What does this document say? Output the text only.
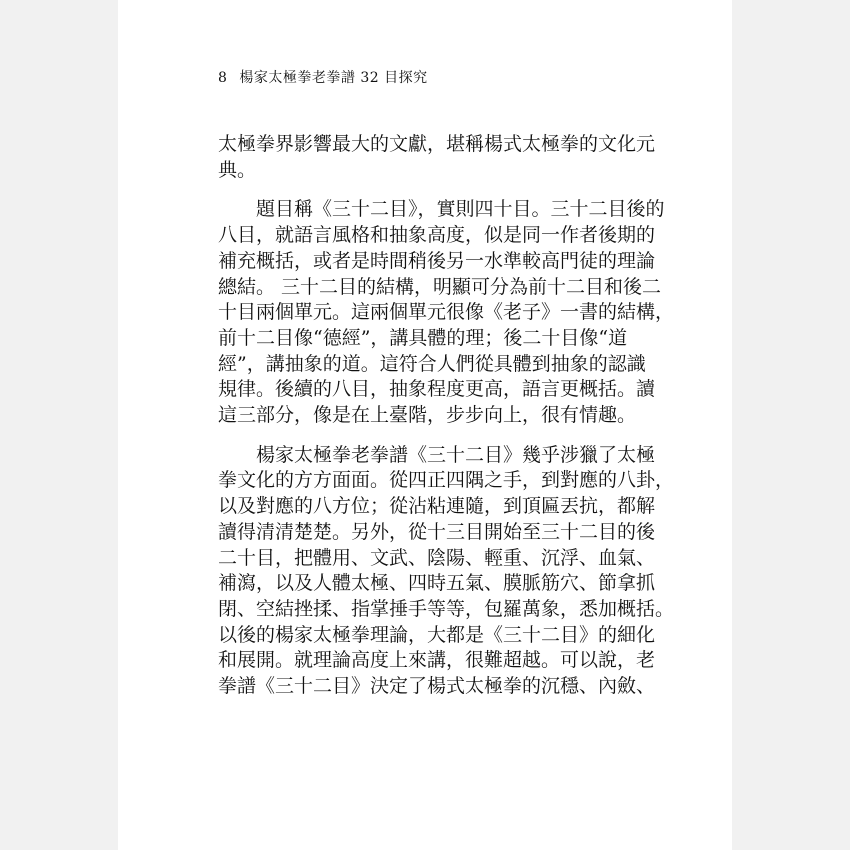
8 楊家太極拳老拳譜 32 目探究
太極拳界影響最大的文獻，堪稱楊式太極拳的文化元
典。
題目稱《三十二目》，實則四十目。三十二目後的
八目，就語言風格和抽象高度，似是同一作者後期的
補充概括，或者是時間稍後另一水準較高門徒的理論
總結。 三十二目的結構，明顯可分為前十二目和後二
十目兩個單元。這兩個單元很像《老子》一書的結構，
前十二目像“德經”，講具體的理；後二十目像“道
經”，講抽象的道。這符合人們從具體到抽象的認識
規律。後續的八目，抽象程度更高，語言更概括。讀
這三部分，像是在上臺階，步步向上，很有情趣。
楊家太極拳老拳譜《三十二目》幾乎涉獵了太極
拳文化的方方面面。從四正四隅之手，到對應的八卦，
以及對應的八方位；從沾粘連隨，到頂匾丟抗，都解
讀得清清楚楚。另外，從十三目開始至三十二目的後
二十目，把體用、文武、陰陽、輕重、沉浮、血氣、
補瀉，以及人體太極、四時五氣、膜脈筋穴、節拿抓
閉、空結挫揉、指掌捶手等等，包羅萬象，悉加概括。
以後的楊家太極拳理論，大都是《三十二目》的細化
和展開。就理論高度上來講，很難超越。可以說，老
拳譜《三十二目》決定了楊式太極拳的沉穩、內斂、
